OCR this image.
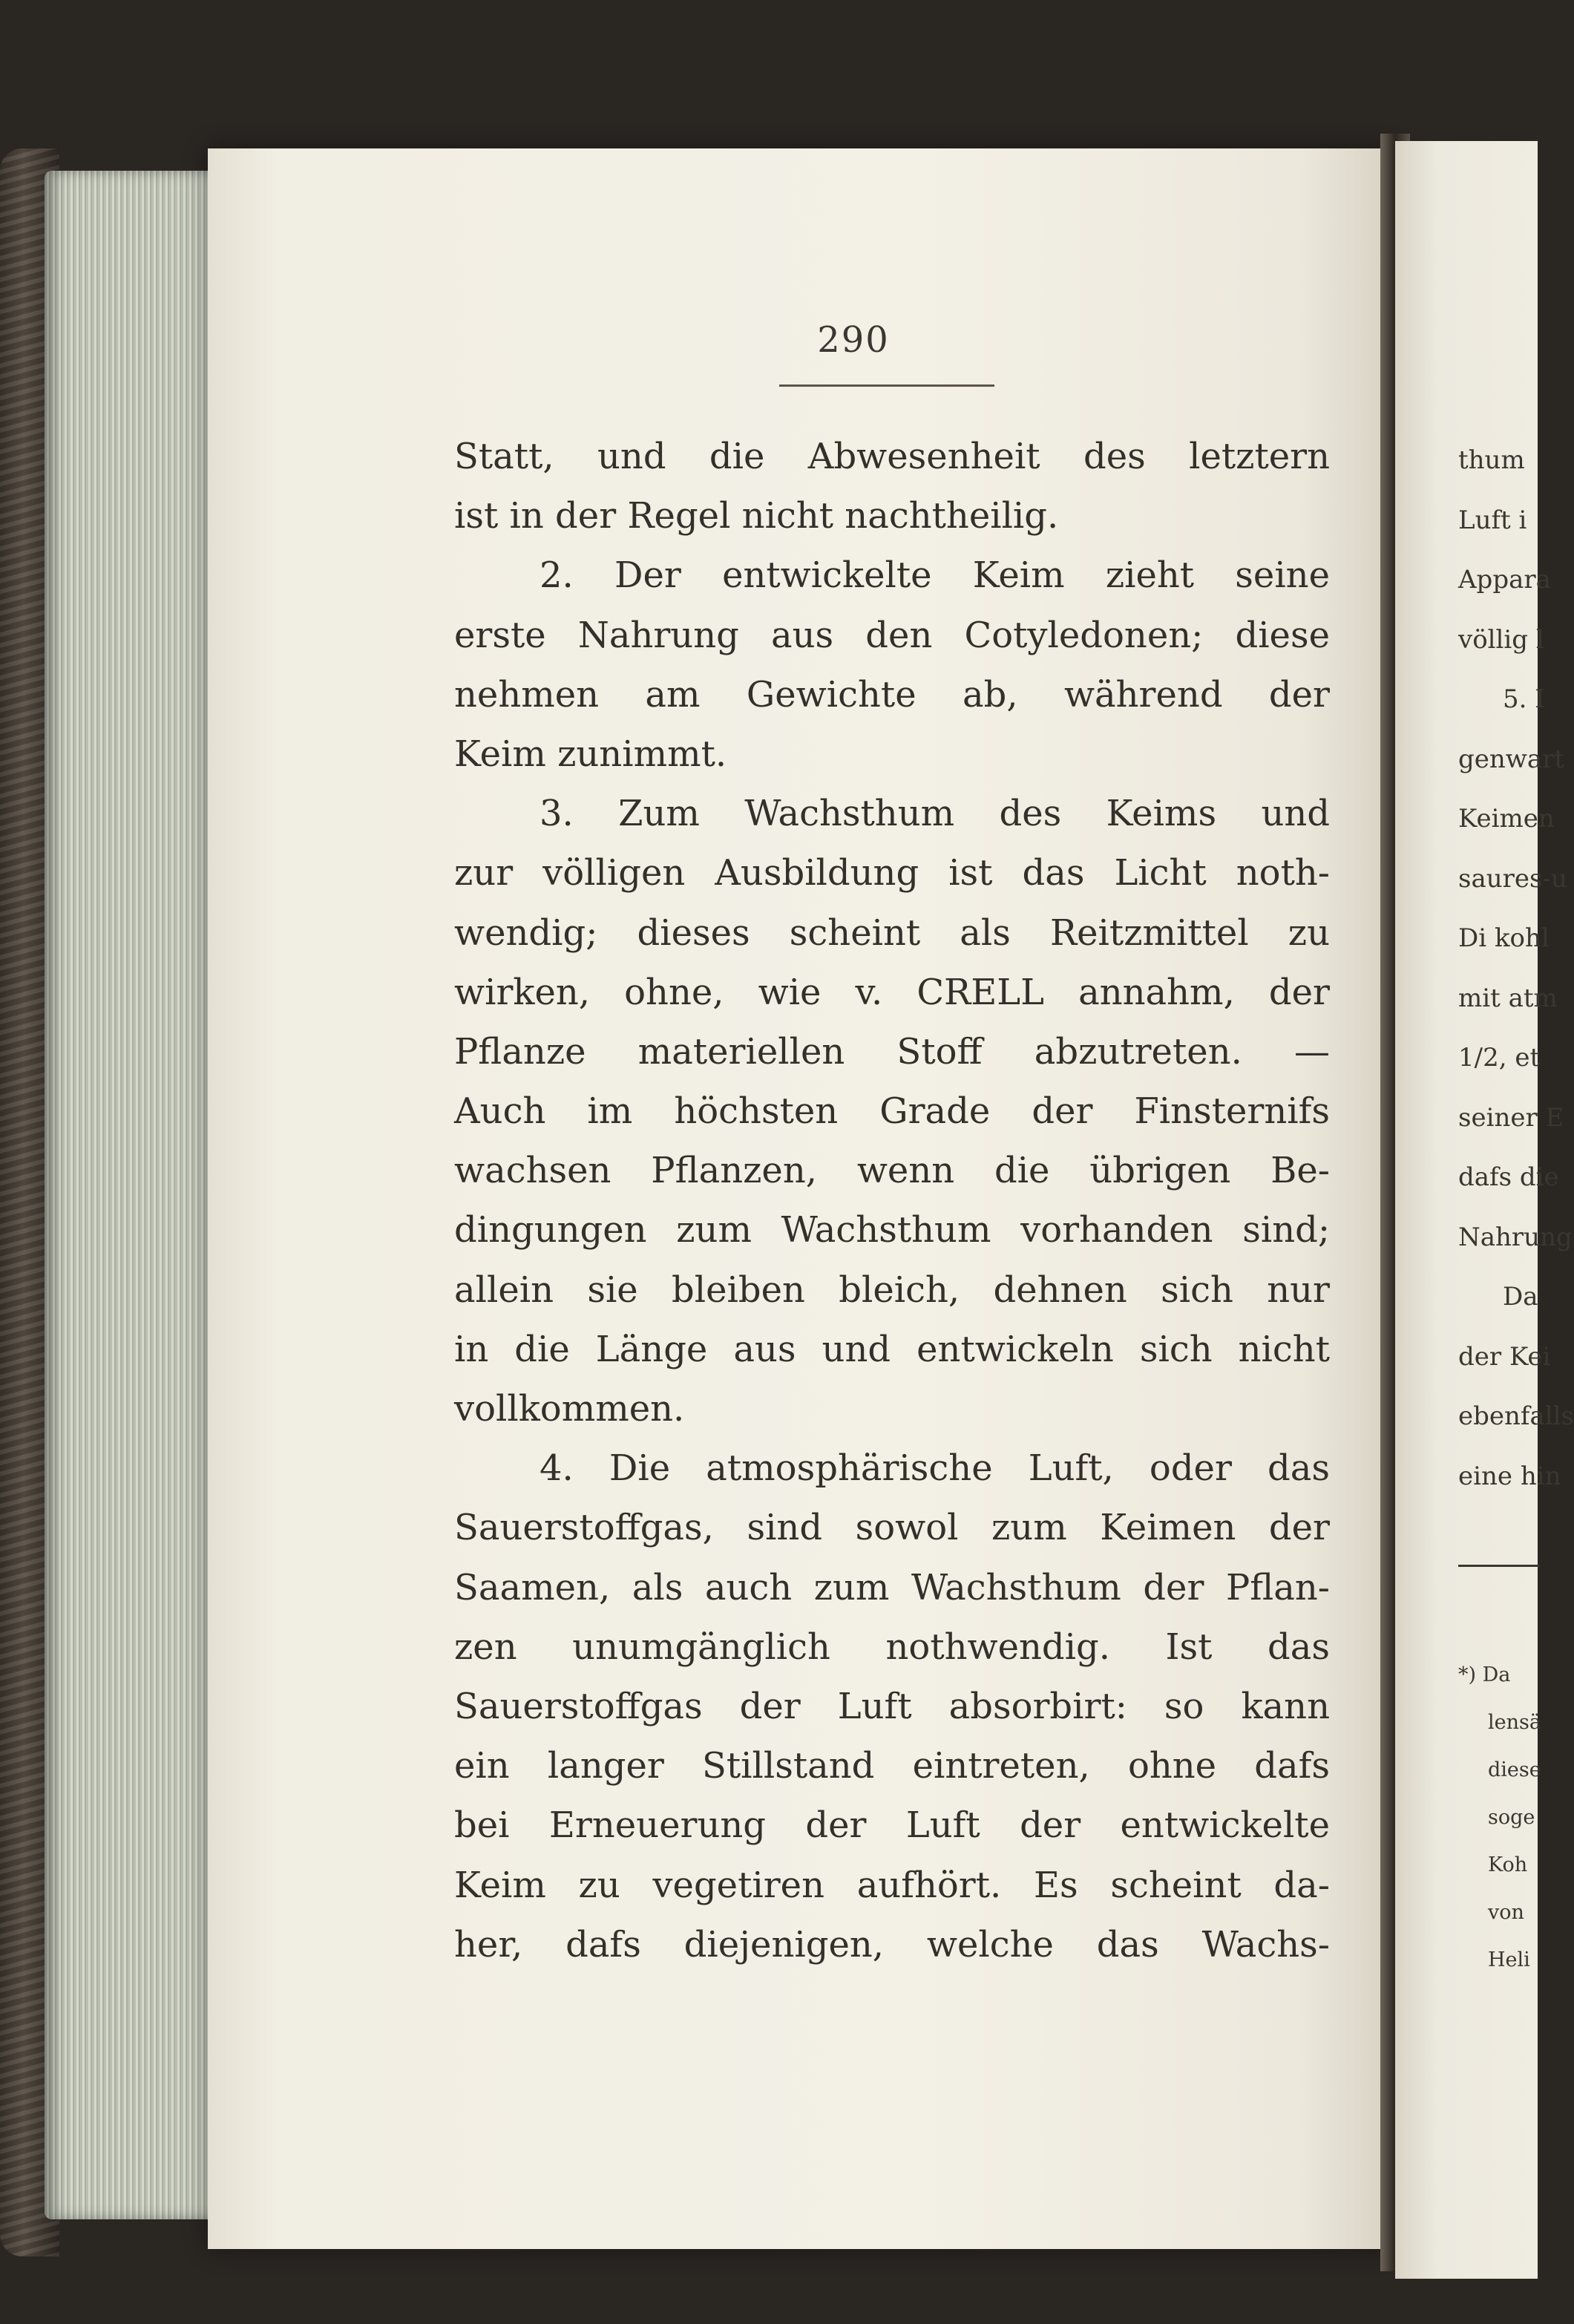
290
Statt, und die Abwesenheit des letztern
ist in der Regel nicht nachtheilig.
2. Der entwickelte Keim zieht seine
erste Nahrung aus den Cotyledonen; diese
nehmen am Gewichte ab, während der
Keim zunimmt.
3. Zum Wachsthum des Keims und
zur völligen Ausbildung ist das Licht noth-
wendig; dieses scheint als Reitzmittel zu
wirken, ohne, wie v. CRELL annahm, der
Pflanze materiellen Stoff abzutreten. —
Auch im höchsten Grade der Finsternifs
wachsen Pflanzen, wenn die übrigen Be-
dingungen zum Wachsthum vorhanden sind;
allein sie bleiben bleich, dehnen sich nur
in die Länge aus und entwickeln sich nicht
vollkommen.
4. Die atmosphärische Luft, oder das
Sauerstoffgas, sind sowol zum Keimen der
Saamen, als auch zum Wachsthum der Pflan-
zen unumgänglich nothwendig. Ist das
Sauerstoffgas der Luft absorbirt: so kann
ein langer Stillstand eintreten, ohne dafs
bei Erneuerung der Luft der entwickelte
Keim zu vegetiren aufhört. Es scheint da-
her, dafs diejenigen, welche das Wachs-
thum
Luft i
Appara
völlig l
5. I
genwart
Keimen
saures-u
Di kohl
mit atm
1/2, et
seiner E
dafs die
Nahrung
Da
der Kei
ebenfalls
eine hin
*) Da
lensä
diese
soge
Koh
von
Heli
